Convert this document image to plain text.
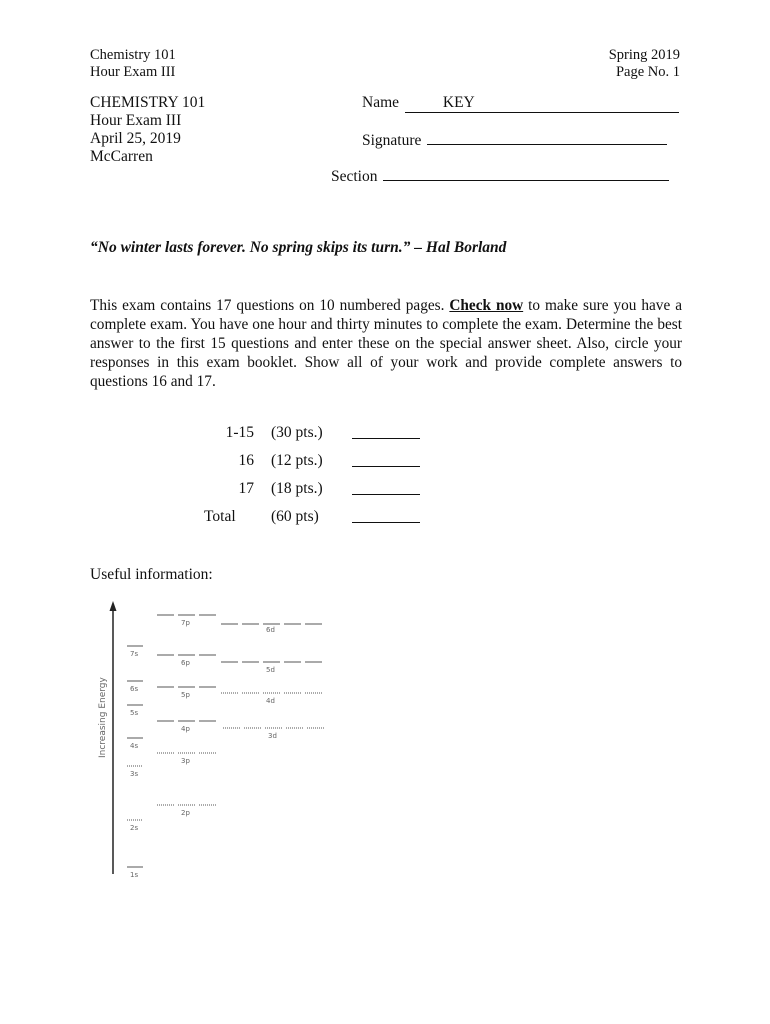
Chemistry 101
Hour Exam III
Spring 2019
Page No. 1
CHEMISTRY 101
Hour Exam III
April 25, 2019
McCarren
Name	KEY
Signature
Section
“No winter lasts forever. No spring skips its turn.” – Hal Borland
This exam contains 17 questions on 10 numbered pages. Check now to make sure you have a complete exam. You have one hour and thirty minutes to complete the exam. Determine the best answer to the first 15 questions and enter these on the special answer sheet. Also, circle your responses in this exam booklet. Show all of your work and provide complete answers to questions 16 and 17.
1-15 (30 pts.)
16 (12 pts.)
17 (18 pts.)
Total (60 pts)
Useful information:
Increasing Energy
1s
2s
3s
4s
5s
6s
7s
2p
3p
4p
5p
6p
7p
3d
4d
5d
6d
